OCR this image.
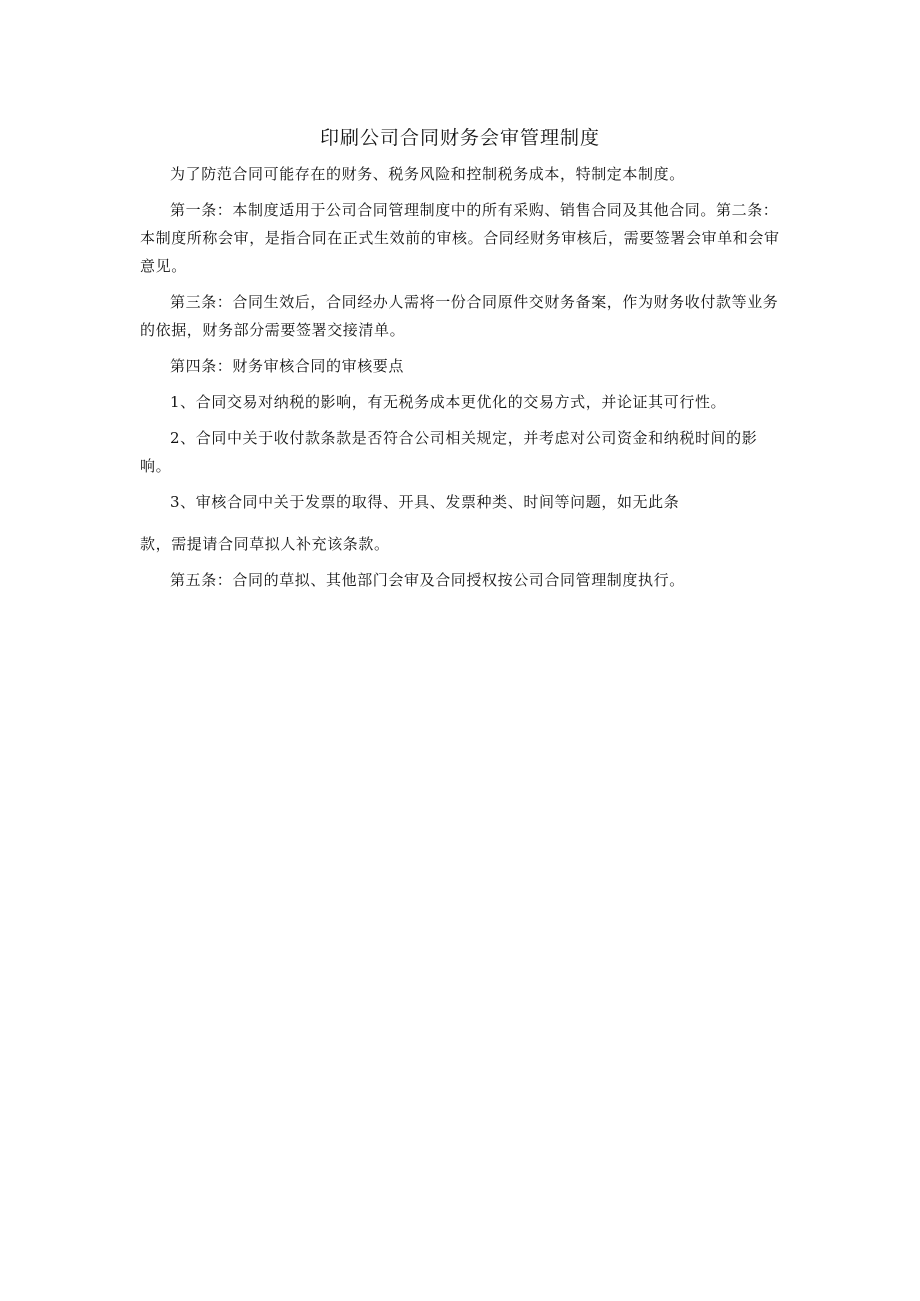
印刷公司合同财务会审管理制度

为了防范合同可能存在的财务、税务风险和控制税务成本，特制定本制度。

第一条：本制度适用于公司合同管理制度中的所有采购、销售合同及其他合同。第二条：本制度所称会审，是指合同在正式生效前的审核。合同经财务审核后，需要签署会审单和会审意见。

第三条：合同生效后，合同经办人需将一份合同原件交财务备案，作为财务收付款等业务的依据，财务部分需要签署交接清单。

第四条：财务审核合同的审核要点

1、合同交易对纳税的影响，有无税务成本更优化的交易方式，并论证其可行性。

2、合同中关于收付款条款是否符合公司相关规定，并考虑对公司资金和纳税时间的影响。

3、审核合同中关于发票的取得、开具、发票种类、时间等问题，如无此条

款，需提请合同草拟人补充该条款。

第五条：合同的草拟、其他部门会审及合同授权按公司合同管理制度执行。
